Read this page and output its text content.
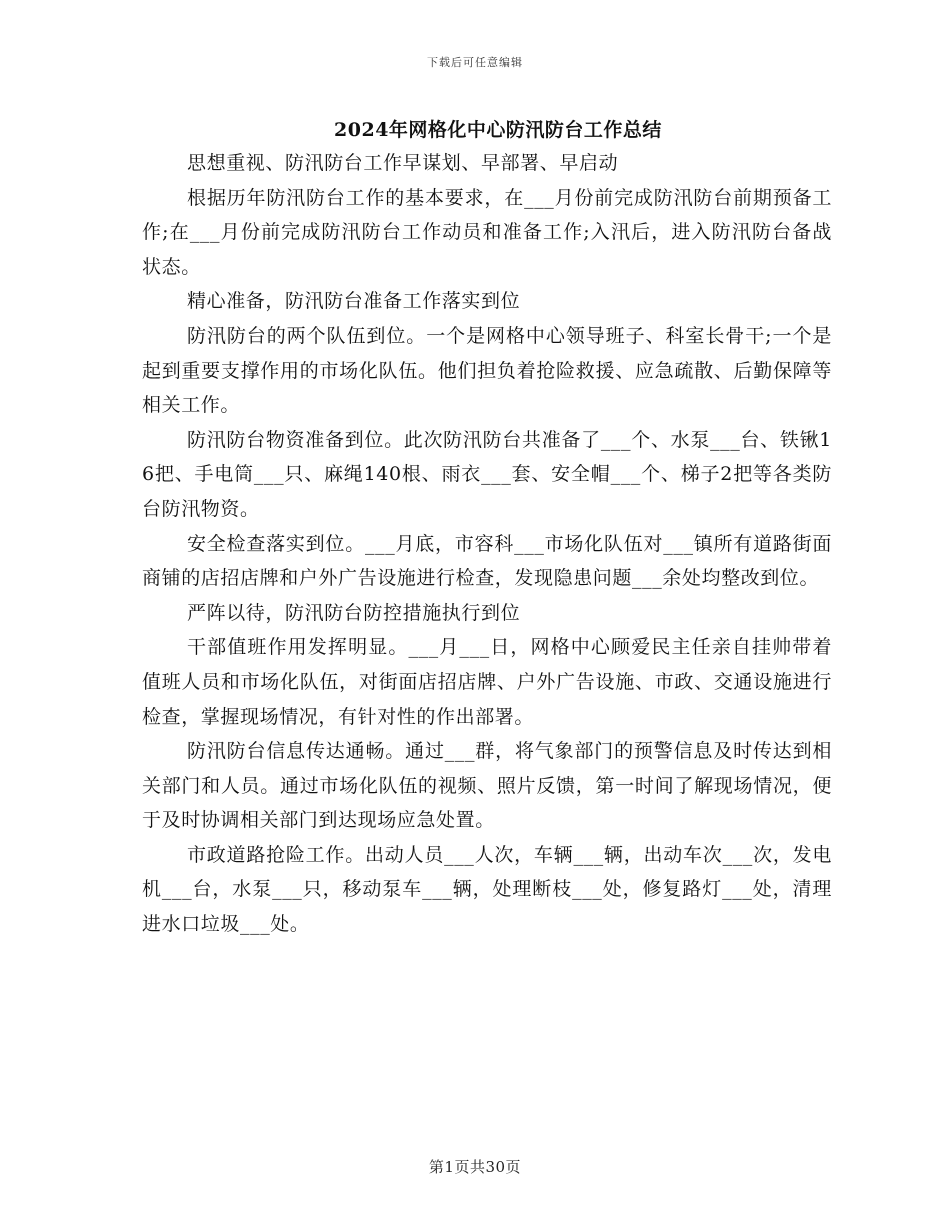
下载后可任意编辑
2024年网格化中心防汛防台工作总结

思想重视、防汛防台工作早谋划、早部署、早启动

根据历年防汛防台工作的基本要求，在___月份前完成防汛防台前期预备工作;在___月份前完成防汛防台工作动员和准备工作;入汛后，进入防汛防台备战状态。

精心准备，防汛防台准备工作落实到位

防汛防台的两个队伍到位。一个是网格中心领导班子、科室长骨干;一个是起到重要支撑作用的市场化队伍。他们担负着抢险救援、应急疏散、后勤保障等相关工作。

防汛防台物资准备到位。此次防汛防台共准备了___个、水泵___台、铁锹16把、手电筒___只、麻绳140根、雨衣___套、安全帽___个、梯子2把等各类防台防汛物资。

安全检查落实到位。___月底，市容科___市场化队伍对___镇所有道路街面商铺的店招店牌和户外广告设施进行检查，发现隐患问题___余处均整改到位。

严阵以待，防汛防台防控措施执行到位

干部值班作用发挥明显。___月___日，网格中心顾爱民主任亲自挂帅带着值班人员和市场化队伍，对街面店招店牌、户外广告设施、市政、交通设施进行检查，掌握现场情况，有针对性的作出部署。

防汛防台信息传达通畅。通过___群，将气象部门的预警信息及时传达到相关部门和人员。通过市场化队伍的视频、照片反馈，第一时间了解现场情况，便于及时协调相关部门到达现场应急处置。

市政道路抢险工作。出动人员___人次，车辆___辆，出动车次___次，发电机___台，水泵___只，移动泵车___辆，处理断枝___处，修复路灯___处，清理进水口垃圾___处。

第1页共30页
